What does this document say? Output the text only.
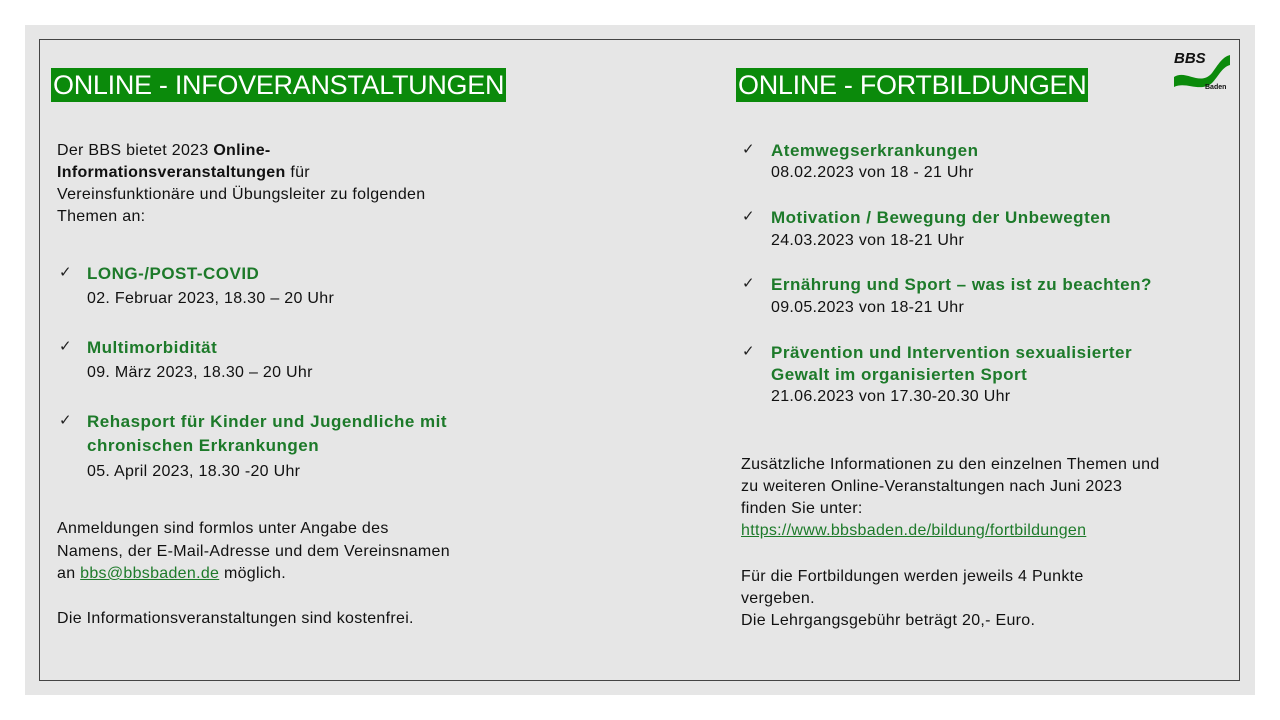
BBS
Baden
ONLINE - INFOVERANSTALTUNGEN
Der BBS bietet 2023 Online-
Informationsveranstaltungen für
Vereinsfunktionäre und Übungsleiter zu folgenden
Themen an:
✓ LONG-/POST-COVID
02. Februar 2023, 18.30 – 20 Uhr
✓ Multimorbidität
09. März 2023, 18.30 – 20 Uhr
✓ Rehasport für Kinder und Jugendliche mit
chronischen Erkrankungen
05. April 2023, 18.30 -20 Uhr
Anmeldungen sind formlos unter Angabe des
Namens, der E-Mail-Adresse und dem Vereinsnamen
an bbs@bbsbaden.de möglich.
Die Informationsveranstaltungen sind kostenfrei.
ONLINE - FORTBILDUNGEN
✓ Atemwegserkrankungen
08.02.2023 von 18 - 21 Uhr
✓ Motivation / Bewegung der Unbewegten
24.03.2023 von 18-21 Uhr
✓ Ernährung und Sport – was ist zu beachten?
09.05.2023 von 18-21 Uhr
✓ Prävention und Intervention sexualisierter
Gewalt im organisierten Sport
21.06.2023 von 17.30-20.30 Uhr
Zusätzliche Informationen zu den einzelnen Themen und
zu weiteren Online-Veranstaltungen nach Juni 2023
finden Sie unter:
https://www.bbsbaden.de/bildung/fortbildungen
Für die Fortbildungen werden jeweils 4 Punkte
vergeben.
Die Lehrgangsgebühr beträgt 20,- Euro.
